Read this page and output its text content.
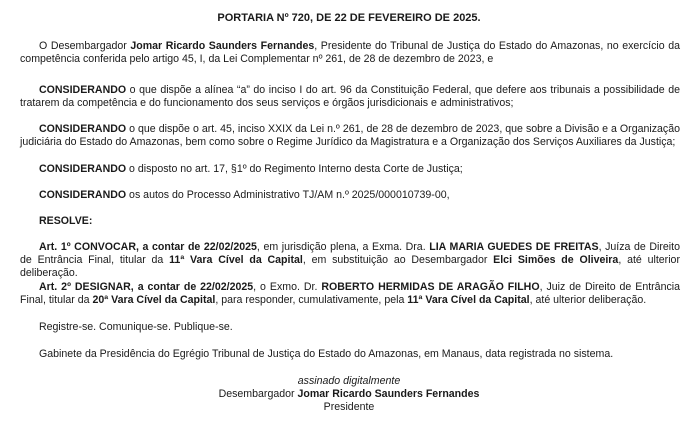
PORTARIA Nº 720, DE 22 DE FEVEREIRO DE 2025.

O Desembargador Jomar Ricardo Saunders Fernandes, Presidente do Tribunal de Justiça do Estado do Amazonas, no exercício da competência conferida pelo artigo 45, I, da Lei Complementar nº 261, de 28 de dezembro de 2023, e

CONSIDERANDO o que dispõe a alínea “a” do inciso I do art. 96 da Constituição Federal, que defere aos tribunais a possibilidade de tratarem da competência e do funcionamento dos seus serviços e órgãos jurisdicionais e administrativos;

CONSIDERANDO o que dispõe o art. 45, inciso XXIX da Lei n.º 261, de 28 de dezembro de 2023, que sobre a Divisão e a Organização judiciária do Estado do Amazonas, bem como sobre o Regime Jurídico da Magistratura e a Organização dos Serviços Auxiliares da Justiça;

CONSIDERANDO o disposto no art. 17, §1º do Regimento Interno desta Corte de Justiça;

CONSIDERANDO os autos do Processo Administrativo TJ/AM n.º 2025/000010739-00,

RESOLVE:

Art. 1º CONVOCAR, a contar de 22/02/2025, em jurisdição plena, a Exma. Dra. LIA MARIA GUEDES DE FREITAS, Juíza de Direito de Entrância Final, titular da 11ª Vara Cível da Capital, em substituição ao Desembargador Elci Simões de Oliveira, até ulterior deliberação.

Art. 2º DESIGNAR, a contar de 22/02/2025, o Exmo. Dr. ROBERTO HERMIDAS DE ARAGÃO FILHO, Juiz de Direito de Entrância Final, titular da 20ª Vara Cível da Capital, para responder, cumulativamente, pela 11ª Vara Cível da Capital, até ulterior deliberação.

Registre-se. Comunique-se. Publique-se.

Gabinete da Presidência do Egrégio Tribunal de Justiça do Estado do Amazonas, em Manaus, data registrada no sistema.

assinado digitalmente
Desembargador Jomar Ricardo Saunders Fernandes
Presidente
